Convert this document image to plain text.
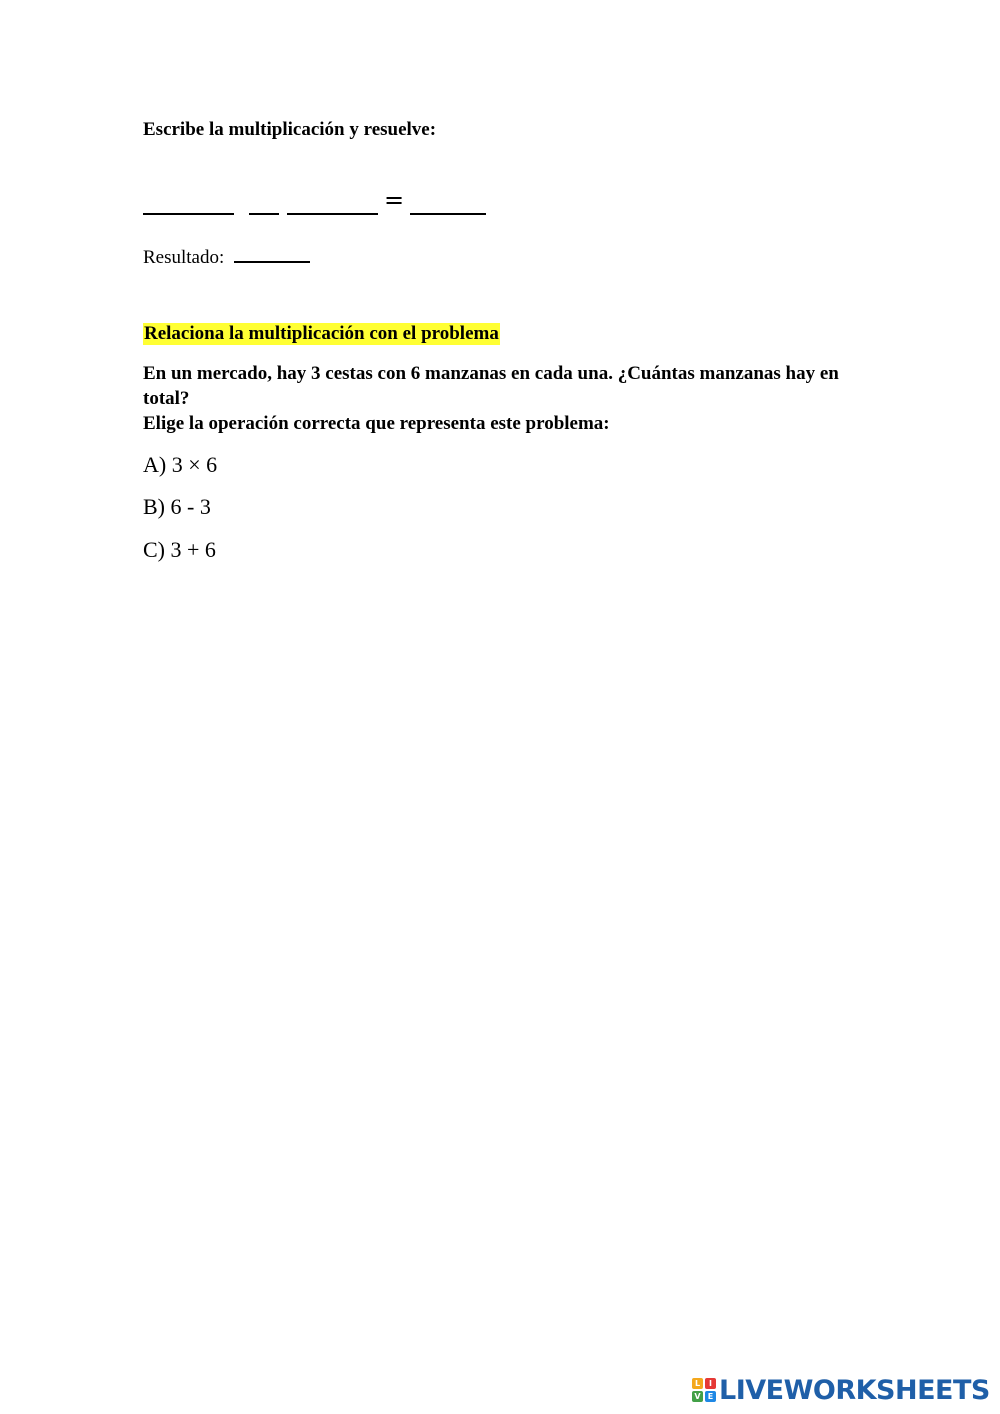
Escribe la multiplicación y resuelve:
=
Resultado:
Relaciona la multiplicación con el problema

En un mercado, hay 3 cestas con 6 manzanas en cada una. ¿Cuántas manzanas hay en total?

Elige la operación correcta que representa este problema:

A) 3 × 6
B) 6 - 3
C) 3 + 6
L	I
V E LIVEWORKSHEETS
